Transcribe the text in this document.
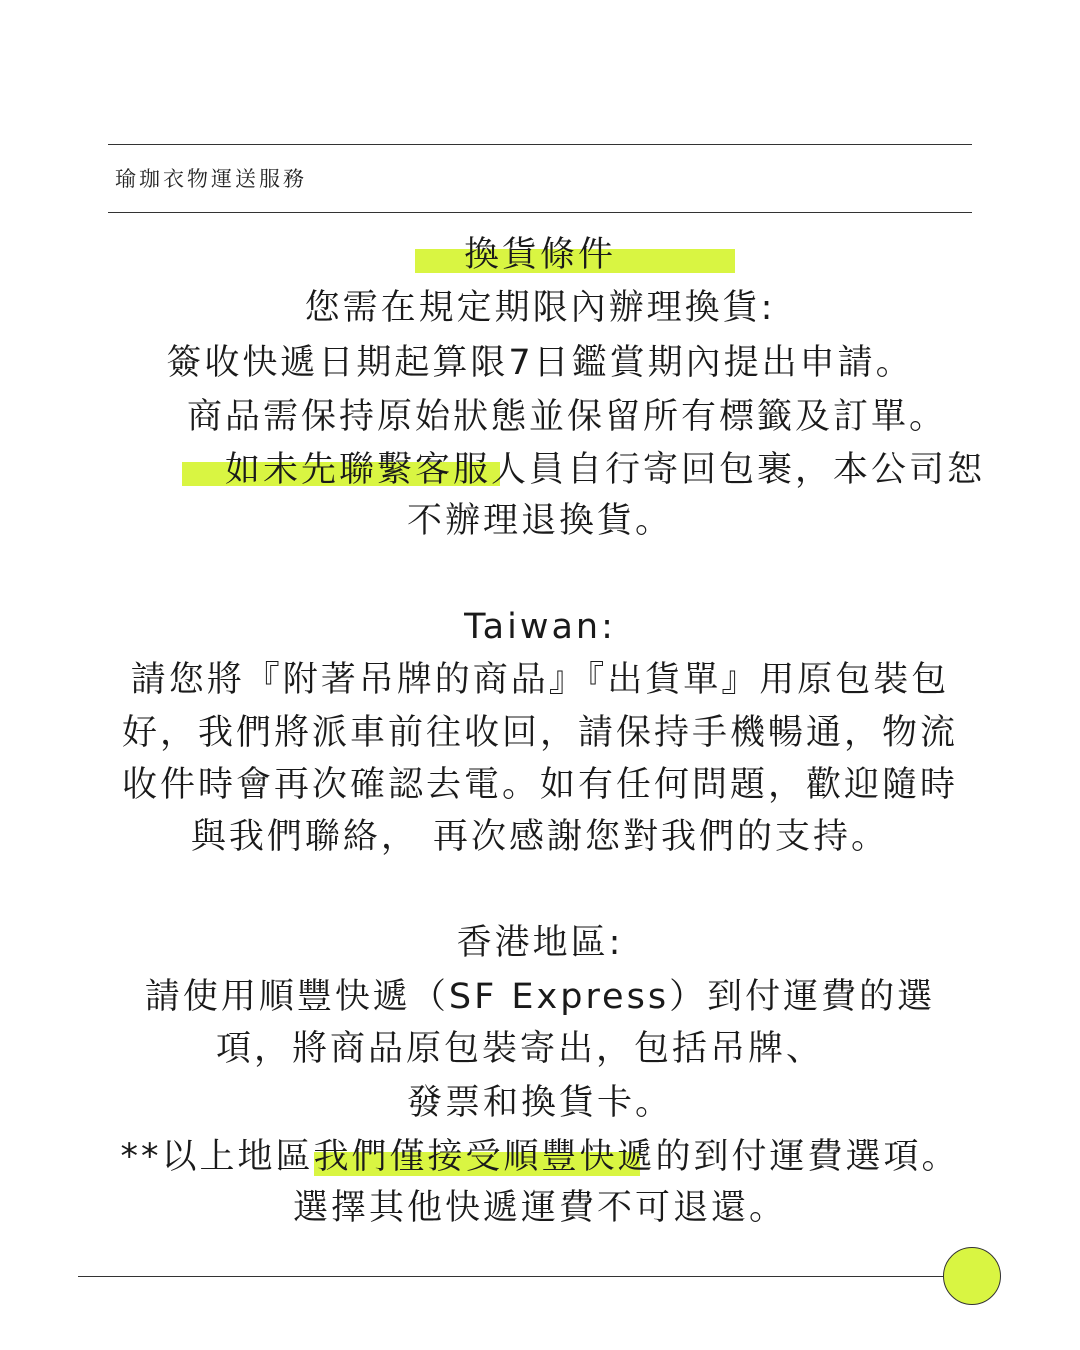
瑜珈衣物運送服務
換貨條件
您需在規定期限內辦理換貨:
簽收快遞日期起算限7日鑑賞期內提出申請。
商品需保持原始狀態並保留所有標籤及訂單。
如未先聯繫客服人員自行寄回包裹，本公司恕
不辦理退換貨。
Taiwan:
請您將『附著吊牌的商品』『出貨單』用原包裝包
好，我們將派車前往收回，請保持手機暢通，物流
收件時會再次確認去電。如有任何問題，歡迎隨時
與我們聯絡， 再次感謝您對我們的支持。
香港地區:
請使用順豐快遞（SF Express）到付運費的選
項，將商品原包裝寄出，包括吊牌、
發票和換貨卡。
**以上地區我們僅接受順豐快遞的到付運費選項。
選擇其他快遞運費不可退還。
